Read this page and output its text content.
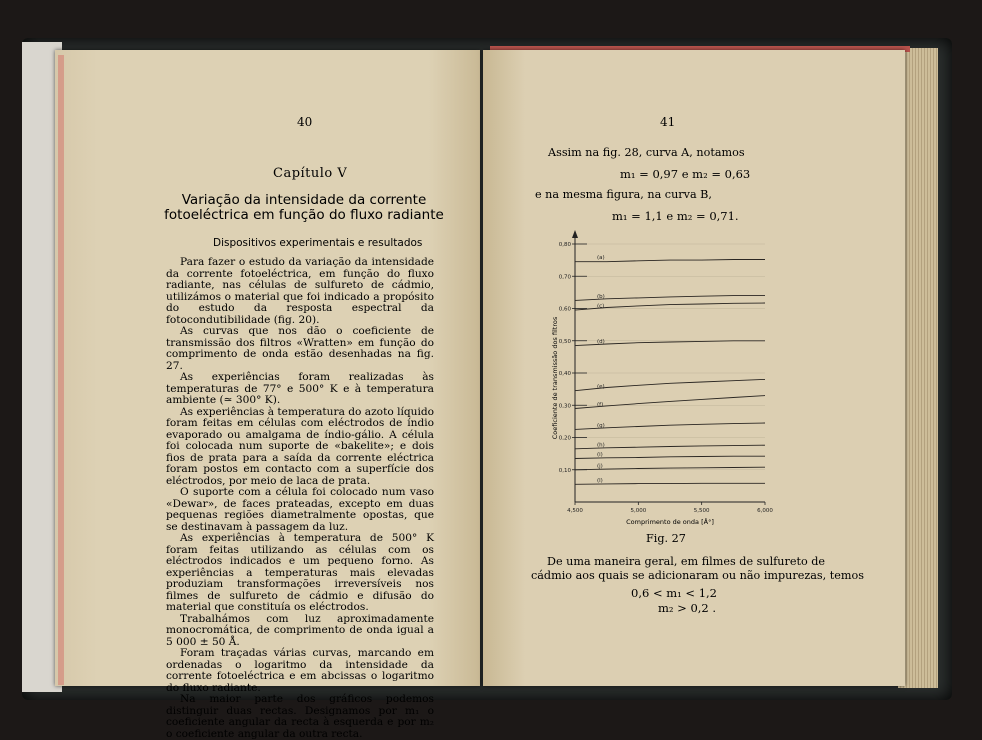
40
Capítulo V
Variação da intensidade da corrente fotoeléctrica em função do fluxo radiante
Dispositivos experimentais e resultados

Para fazer o estudo da variação da intensidade da corrente fotoeléctrica, em função do fluxo radiante, nas células de sulfureto de cádmio, utilizámos o material que foi indicado a propósito do estudo da resposta espectral da fotocondutibilidade (fig. 20).

As curvas que nos dão o coeficiente de transmissão dos filtros «Wratten» em função do comprimento de onda estão desenhadas na fig. 27.

As experiências foram realizadas às temperaturas de 77° e 500° K e à temperatura ambiente (≃ 300° K).

As experiências à temperatura do azoto líquido foram feitas em células com eléctrodos de índio evaporado ou amalgama de índio-gálio. A célula foi colocada num suporte de «bakelite»; e dois fios de prata para a saída da corrente eléctrica foram postos em contacto com a superfície dos eléctrodos, por meio de laca de prata.

O suporte com a célula foi colocado num vaso «Dewar», de faces prateadas, excepto em duas pequenas regiões diametralmente opostas, que se destinavam à passagem da luz.

As experiências à temperatura de 500° K foram feitas utilizando as células com os eléctrodos indicados e um pequeno forno. As experiências a temperaturas mais elevadas produziam transformações irreversíveis nos filmes de sulfureto de cádmio e difusão do material que constituía os eléctrodos.

Trabalhámos com luz aproximadamente monocromática, de comprimento de onda igual a 5 000 ± 50 Å.

Foram traçadas várias curvas, marcando em ordenadas o logaritmo da intensidade da corrente fotoeléctrica e em abcissas o logaritmo do fluxo radiante.

Na maior parte dos gráficos podemos distinguir duas rectas. Designamos por m₁ o coeficiente angular da recta à esquerda e por m₂ o coeficiente angular da outra recta.

41
Assim na fig. 28, curva A, notamos
m₁ = 0,97 e m₂ = 0,63
e na mesma figura, na curva B,
m₁ = 1,1 e m₂ = 0,71.
(a)
(b)
(c)
(d)
(e)
(f)
(g)
(h)
(i)
(j)
(l)
0,10
0,20
0,30
0,40
0,50
0,60
0,70
0,80
4,500	5,000	5,500	6,000
Comprimento de onda [Å°]
Coeficiente de transmissão dos filtros
Fig. 27
De uma maneira geral, em filmes de sulfureto de
cádmio aos quais se adicionaram ou não impurezas, temos
0,6 < m₁ < 1,2
m₂ > 0,2 .
